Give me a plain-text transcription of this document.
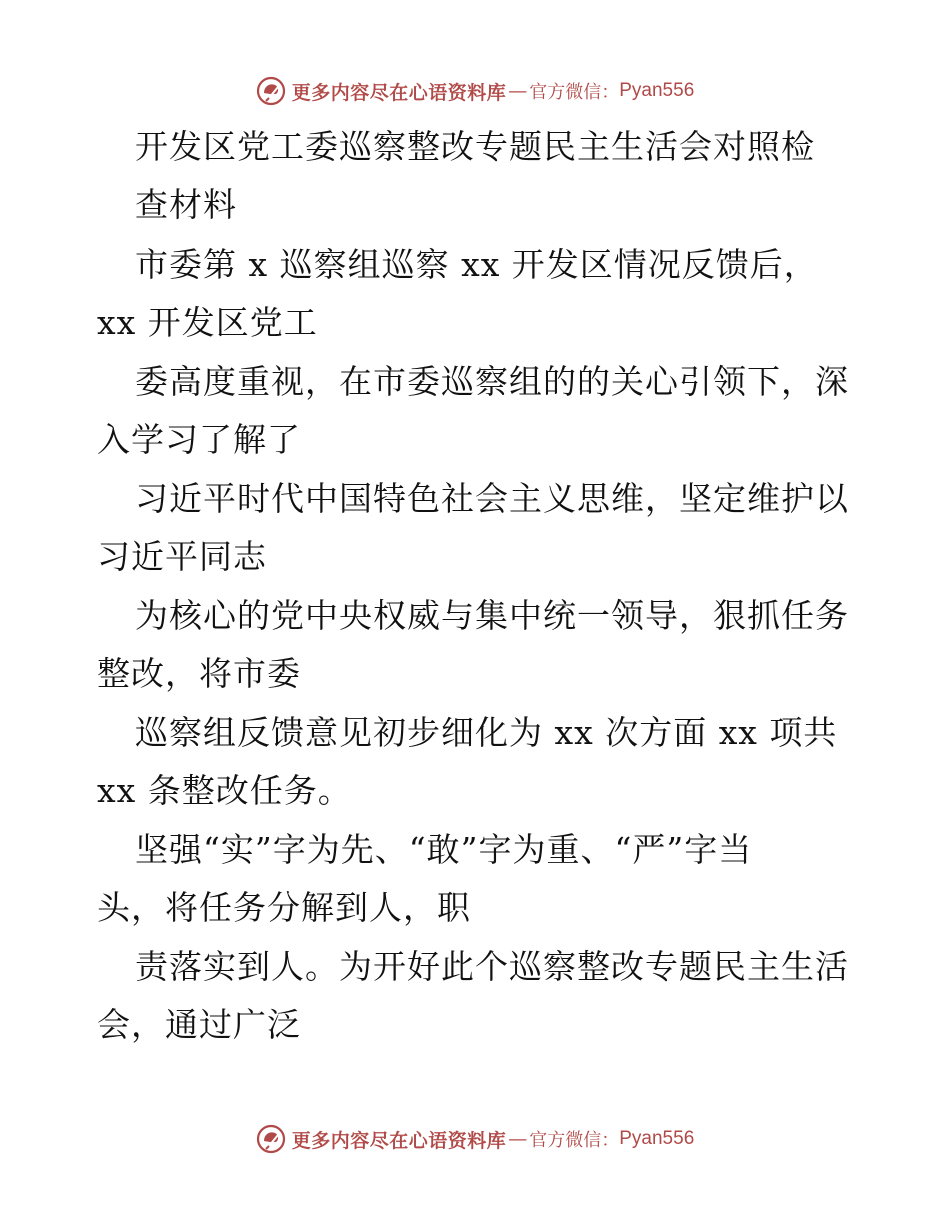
更多内容尽在心语资料库 — 官方微信： Pyan556
开发区党工委巡察整改专题民主生活会对照检
查材料
市委第 x 巡察组巡察 xx 开发区情况反馈后，
xx 开发区党工
委高度重视，在市委巡察组的的关心引领下，深
入学习了解了
习近平时代中国特色社会主义思维，坚定维护以
习近平同志
为核心的党中央权威与集中统一领导，狠抓任务
整改，将市委
巡察组反馈意见初步细化为 xx 次方面 xx 项共
xx 条整改任务。
坚强“实”字为先、“敢”字为重、“严”字当
头，将任务分解到人，职
责落实到人。为开好此个巡察整改专题民主生活
会，通过广泛
更多内容尽在心语资料库 — 官方微信： Pyan556
